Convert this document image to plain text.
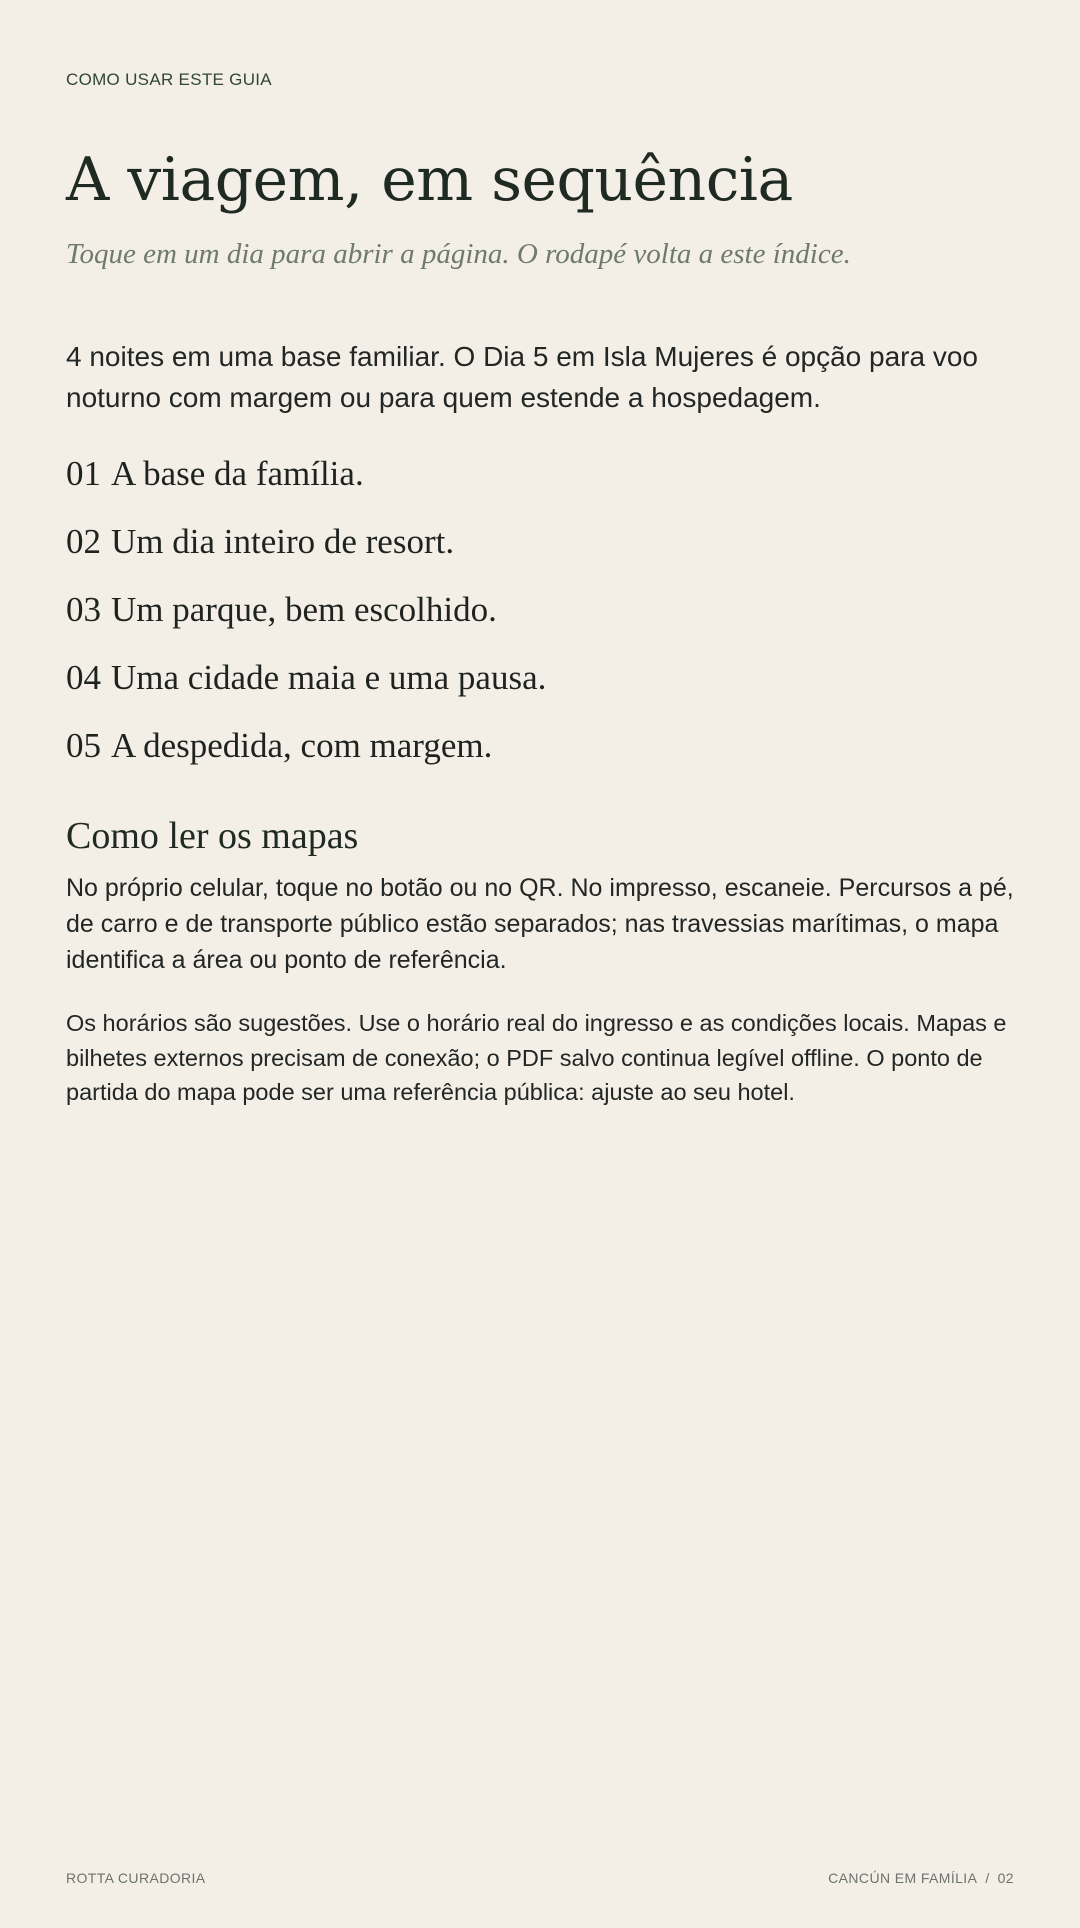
COMO USAR ESTE GUIA
A viagem, em sequência
Toque em um dia para abrir a página. O rodapé volta a este índice.

4 noites em uma base familiar. O Dia 5 em Isla Mujeres é opção para voo noturno com margem ou para quem estende a hospedagem.

01 A base da família.
02 Um dia inteiro de resort.
03 Um parque, bem escolhido.
04 Uma cidade maia e uma pausa.
05 A despedida, com margem.
Como ler os mapas

No próprio celular, toque no botão ou no QR. No impresso, escaneie. Percursos a pé, de carro e de transporte público estão separados; nas travessias marítimas, o mapa identifica a área ou ponto de referência.

Os horários são sugestões. Use o horário real do ingresso e as condições locais. Mapas e bilhetes externos precisam de conexão; o PDF salvo continua legível offline. O ponto de partida do mapa pode ser uma referência pública: ajuste ao seu hotel.

ROTTA CURADORIA	CANCÚN EM FAMÍLIA / 02
